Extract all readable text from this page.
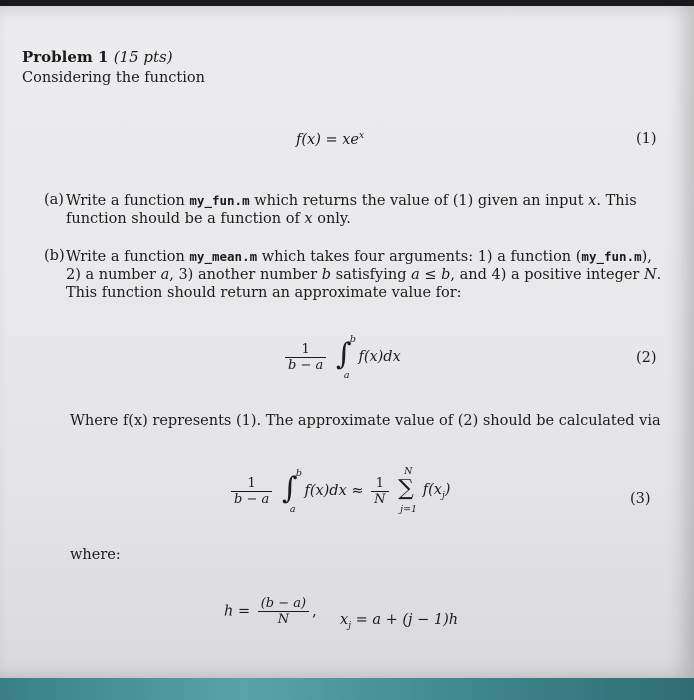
Problem 1 (15 pts)
Considering the function
$f(x) = xe^x$	(1)
(a) Write a function my_fun.m which returns the value of (1) given an input x. This function should be a function of x only.
(b) Write a function my_mean.m which takes four arguments: 1) a function (my_fun.m), 2) a number a, 3) another number b satisfying a ≤ b, and 4) a positive integer N. This function should return an approximate value for:
$\frac{1}{b - a}$
∫
b
a
f(x)dx	(2)
Where f(x) represents (1). The approximate value of (2) should be calculated via
$\frac{1}{b - a}$
∫
b
a
$f(x)dx \approx \frac{1}{N}$
∑
N
j=1
$f(x_j)$
(3)
where:
$h = \frac{(b - a)}{N}$ ,
$x_j = a + (j - 1)h$
